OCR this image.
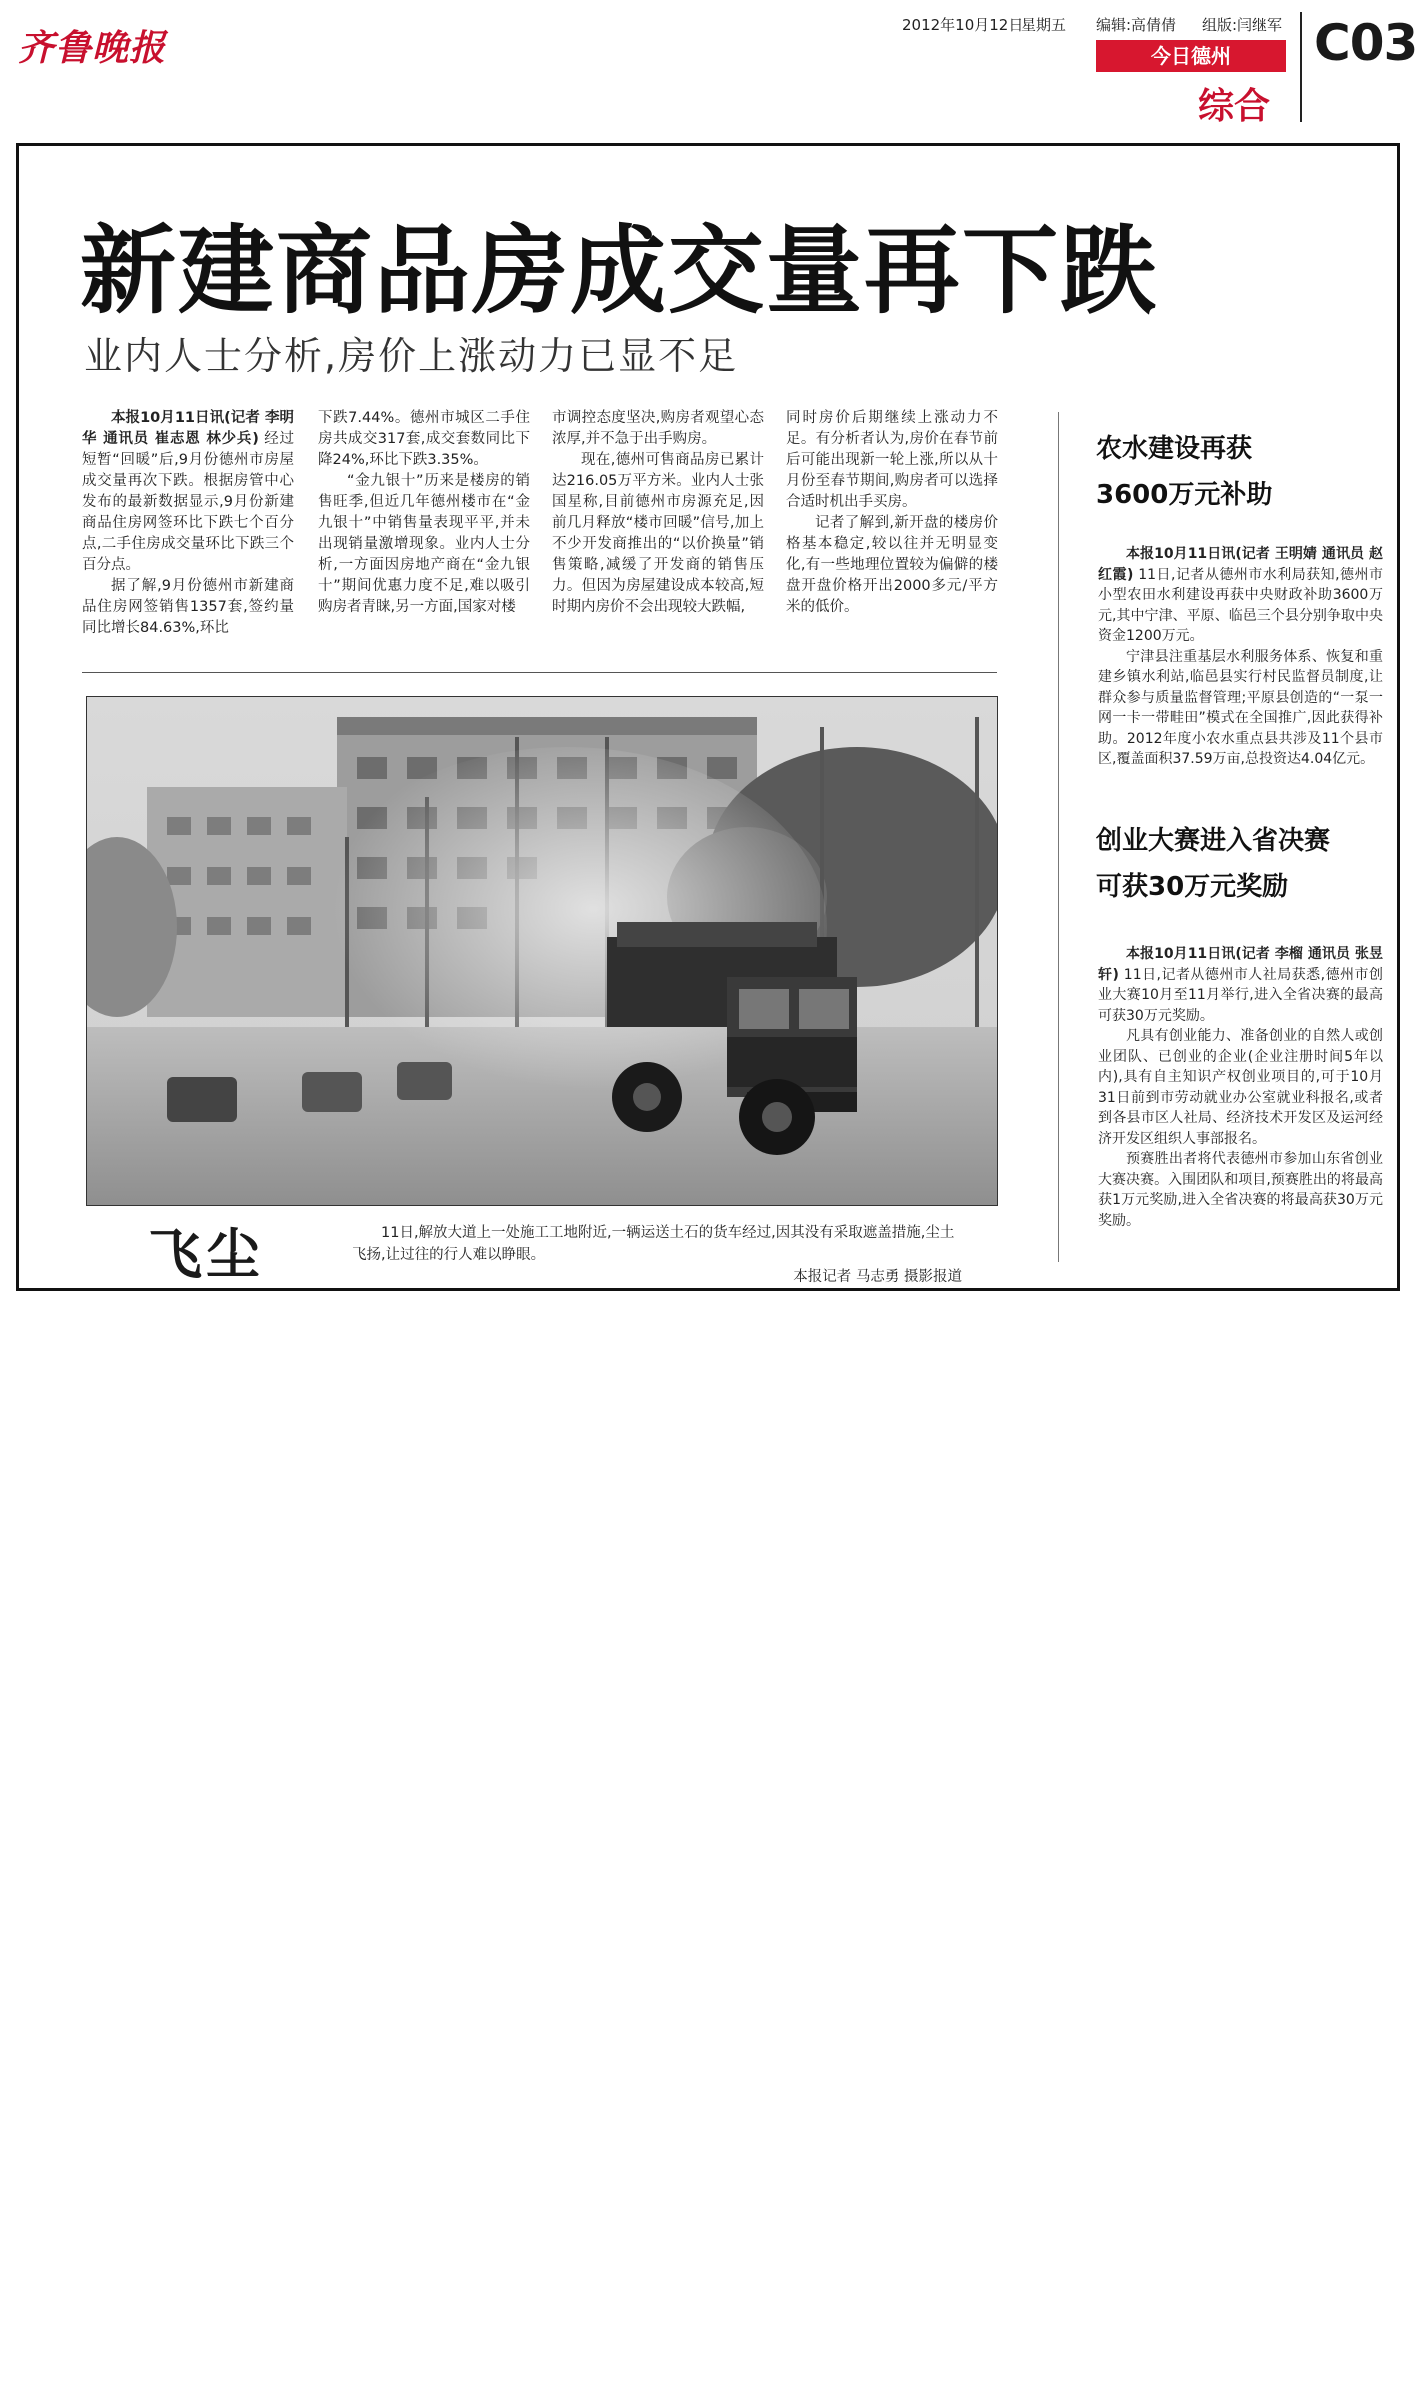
齐鲁晚报
2012年10月12日
星期五 编辑:高倩倩 组版:闫继军
今日德州
综合
C03
新建商品房成交量再下跌
业内人士分析,房价上涨动力已显不足

本报10月11日讯(记者 李明华 通讯员 崔志恩 林少兵) 经过短暂“回暖”后,9月份德州市房屋成交量再次下跌。根据房管中心发布的最新数据显示,9月份新建商品住房网签环比下跌七个百分点,二手住房成交量环比下跌三个百分点。

据了解,9月份德州市新建商品住房网签销售1357套,签约量同比增长84.63%,环比

下跌7.44%。德州市城区二手住房共成交317套,成交套数同比下降24%,环比下跌3.35%。

“金九银十”历来是楼房的销售旺季,但近几年德州楼市在“金九银十”中销售量表现平平,并未出现销量激增现象。业内人士分析,一方面因房地产商在“金九银十”期间优惠力度不足,难以吸引购房者青睐,另一方面,国家对楼

市调控态度坚决,购房者观望心态浓厚,并不急于出手购房。

现在,德州可售商品房已累计达216.05万平方米。业内人士张国星称,目前德州市房源充足,因前几月释放“楼市回暖”信号,加上不少开发商推出的“以价换量”销售策略,减缓了开发商的销售压力。但因为房屋建设成本较高,短时期内房价不会出现较大跌幅,

同时房价后期继续上涨动力不足。有分析者认为,房价在春节前后可能出现新一轮上涨,所以从十月份至春节期间,购房者可以选择合适时机出手买房。

记者了解到,新开盘的楼房价格基本稳定,较以往并无明显变化,有一些地理位置较为偏僻的楼盘开盘价格开出2000多元/平方米的低价。

飞尘	11日,解放大道上一处施工工地附近,一辆运送土石的货车经过,因其没有采取遮盖措施,尘土飞扬,让过往的行人难以睁眼。
本报记者 马志勇 摄影报道
农水建设再获
3600万元补助

本报10月11日讯(记者 王明婧 通讯员 赵红霞) 11日,记者从德州市水利局获知,德州市小型农田水利建设再获中央财政补助3600万元,其中宁津、平原、临邑三个县分别争取中央资金1200万元。

宁津县注重基层水利服务体系、恢复和重建乡镇水利站,临邑县实行村民监督员制度,让群众参与质量监督管理;平原县创造的“一泵一网一卡一带畦田”模式在全国推广,因此获得补助。2012年度小农水重点县共涉及11个县市区,覆盖面积37.59万亩,总投资达4.04亿元。

创业大赛进入省决赛
可获30万元奖励

本报10月11日讯(记者 李榴 通讯员 张昱轩) 11日,记者从德州市人社局获悉,德州市创业大赛10月至11月举行,进入全省决赛的最高可获30万元奖励。

凡具有创业能力、准备创业的自然人或创业团队、已创业的企业(企业注册时间5年以内),具有自主知识产权创业项目的,可于10月31日前到市劳动就业办公室就业科报名,或者到各县市区人社局、经济技术开发区及运河经济开发区组织人事部报名。

预赛胜出者将代表德州市参加山东省创业大赛决赛。入围团队和项目,预赛胜出的将最高获1万元奖励,进入全省决赛的将最高获30万元奖励。
